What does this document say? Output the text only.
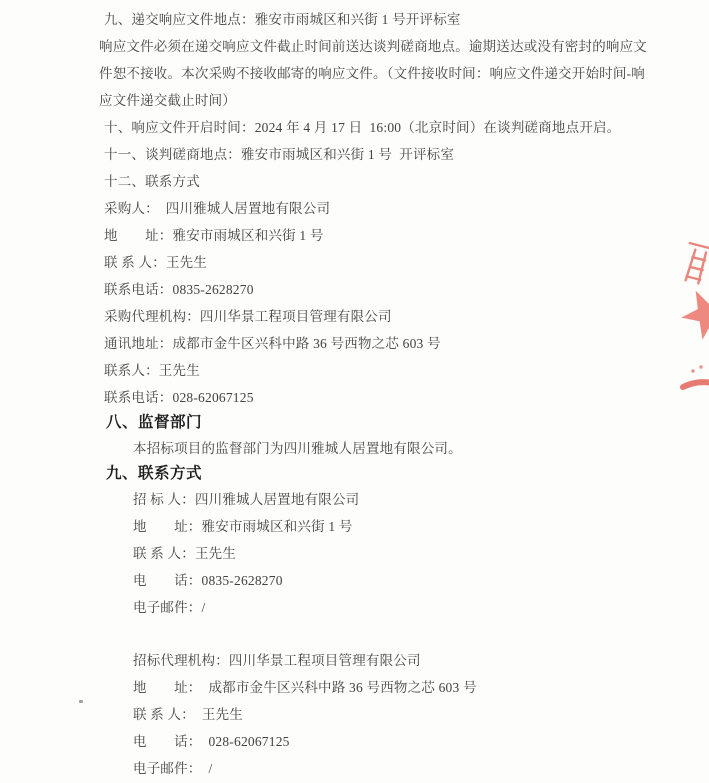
九、递交响应文件地点：雅安市雨城区和兴街 1 号开评标室

响应文件必须在递交响应文件截止时间前送达谈判磋商地点。逾期送达或没有密封的响应文

件恕不接收。本次采购不接收邮寄的响应文件。（文件接收时间：响应文件递交开始时间-响

应文件递交截止时间）

十、响应文件开启时间：2024 年 4 月 17 日  16:00（北京时间）在谈判磋商地点开启。

十一、谈判磋商地点：雅安市雨城区和兴街 1 号  开评标室

十二、联系方式

采购人：　四川雅城人居置地有限公司

地　　址：雅安市雨城区和兴街 1 号

联 系 人：王先生

联系电话：0835-2628270

采购代理机构：四川华景工程项目管理有限公司

通讯地址：成都市金牛区兴科中路 36 号西物之芯 603 号

联系人：王先生

联系电话：028-62067125

八、监督部门

本招标项目的监督部门为四川雅城人居置地有限公司。

九、联系方式

招 标 人：四川雅城人居置地有限公司

地　　址：雅安市雨城区和兴街 1 号

联 系 人：王先生

电　　话：0835-2628270

电子邮件：/

招标代理机构：四川华景工程项目管理有限公司

地　　址：　成都市金牛区兴科中路 36 号西物之芯 603 号

联 系 人：　王先生

电　　话：　028-62067125

电子邮件：　/
